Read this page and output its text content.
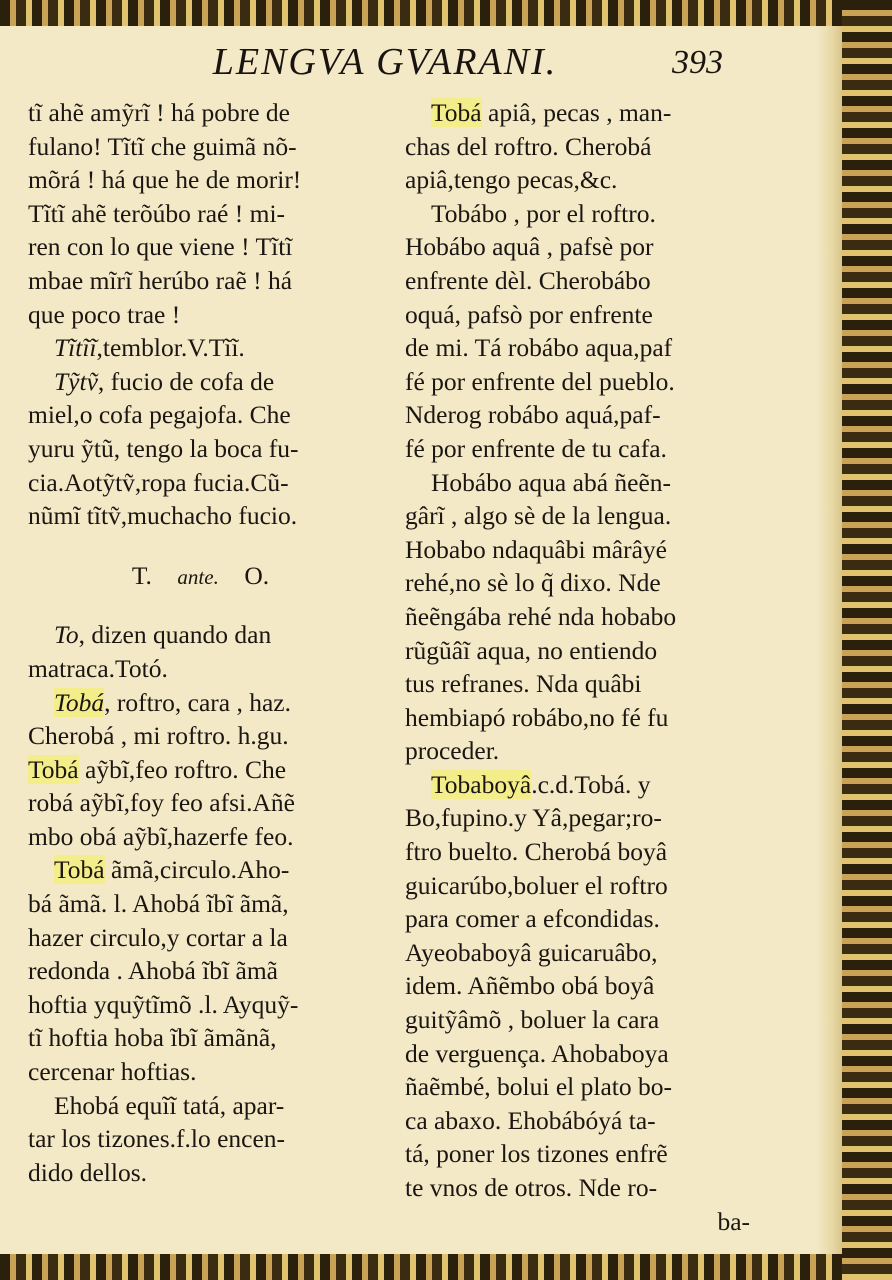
LENGVA GVARANI.	393
tĩ ahẽ amỹrĩ ! há pobre de
fulano! Tĩtĩ che guimã nõ-
mõrá ! há que he de morir!
Tĩtĩ ahẽ terõúbo raé ! mi-
ren con lo que viene ! Tĩtĩ
mbae mĩrĩ herúbo raẽ ! há
que poco trae !
Tĩtĩĩ,temblor.V.Tĩĩ.
Tỹtṽ, fucio de cofa de
miel,o cofa pegajofa. Che
yuru ỹtũ, tengo la boca fu-
cia.Aotỹtṽ,ropa fucia.Cũ-
nũmĩ tĩtṽ,muchacho fucio.
T. ante. O.
To, dizen quando dan
matraca.Totó.
Tobá, roftro, cara , haz.
Cherobá , mi roftro. h.gu.
Tobá aỹbĩ,feo roftro. Che
robá aỹbĩ,foy feo afsi.Añẽ
mbo obá aỹbĩ,hazerfe feo.
Tobá ãmã,circulo.Aho-
bá ãmã. l. Ahobá ĩbĩ ãmã,
hazer circulo,y cortar a la
redonda . Ahobá ĩbĩ ãmã
hoftia yquỹtĩmõ .l. Ayquỹ-
tĩ hoftia hoba ĩbĩ ãmãnã,
cercenar hoftias.
Ehobá equĩĩ tatá, apar-
tar los tizones.f.lo encen-
dido dellos.
Tobá apiâ, pecas , man-
chas del roftro. Cherobá
apiâ,tengo pecas,&c.
Tobábo , por el roftro.
Hobábo aquâ , pafsè por
enfrente dèl. Cherobábo
oquá, pafsò por enfrente
de mi. Tá robábo aqua,paf
fé por enfrente del pueblo.
Nderog robábo aquá,paf-
fé por enfrente de tu cafa.
Hobábo aqua abá ñeẽn-
gârĩ , algo sè de la lengua.
Hobabo ndaquâbi mârâyé
rehé,no sè lo q̃ dixo. Nde
ñeẽngába rehé nda hobabo
rũgũâĩ aqua, no entiendo
tus refranes. Nda quâbi
hembiapó robábo,no fé fu
proceder.
Tobaboyâ.c.d.Tobá. y
Bo,fupino.y Yâ,pegar;ro-
ftro buelto. Cherobá boyâ
guicarúbo,boluer el roftro
para comer a efcondidas.
Ayeobaboyâ guicaruâbo,
idem. Añẽmbo obá boyâ
guitỹâmõ , boluer la cara
de verguença. Ahobaboya
ñaẽmbé, bolui el plato bo-
ca abaxo. Ehobábóyá ta-
tá, poner los tizones enfrẽ
te vnos de otros. Nde ro-
ba-
